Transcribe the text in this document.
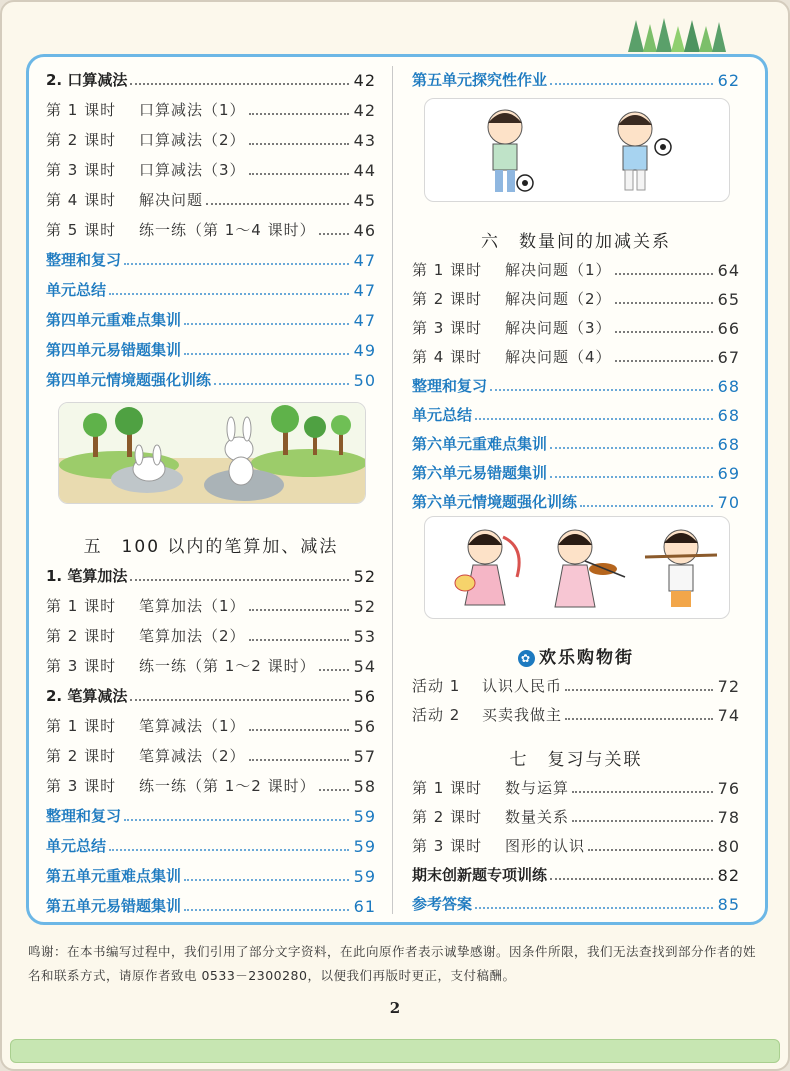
2. 口算减法	42
第 1 课时	口算减法（1）	42
第 2 课时	口算减法（2）	43
第 3 课时	口算减法（3）	44
第 4 课时	解决问题	45
第 5 课时	练一练（第 1～4 课时） 46
整理和复习	47
单元总结	47
第四单元重难点集训	47
第四单元易错题集训	49
第四单元情境题强化训练	50
五　100 以内的笔算加、减法
1. 笔算加法	52
第 1 课时	笔算加法（1）	52
第 2 课时	笔算加法（2）	53
第 3 课时	练一练（第 1～2 课时） 54
2. 笔算减法	56
第 1 课时	笔算减法（1）	56
第 2 课时	笔算减法（2）	57
第 3 课时	练一练（第 1～2 课时） 58
整理和复习	59
单元总结	59
第五单元重难点集训	59
第五单元易错题集训	61
第五单元探究性作业	62
六　数量间的加减关系
第 1 课时	解决问题（1）	64
第 2 课时	解决问题（2）	65
第 3 课时	解决问题（3）	66
第 4 课时	解决问题（4）	67
整理和复习	68
单元总结	68
第六单元重难点集训	68
第六单元易错题集训	69
第六单元情境题强化训练	70
✿ 欢乐购物街
活动 1	认识人民币	72
活动 2	买卖我做主	74
七　复习与关联
第 1 课时	数与运算	76
第 2 课时	数量关系	78
第 3 课时	图形的认识	80
期末创新题专项训练	82
参考答案	85
鸣谢：在本书编写过程中，我们引用了部分文字资料，在此向原作者表示诚挚感谢。因条件所限，我们无法查找到部分作者的姓名和联系方式，请原作者致电 0533－2300280，以便我们再版时更正，支付稿酬。
2
